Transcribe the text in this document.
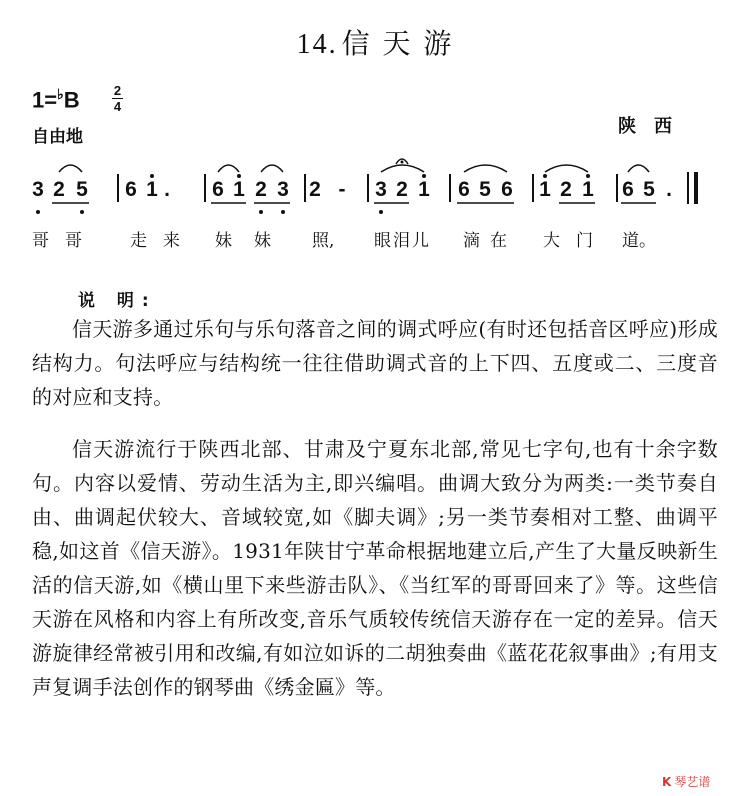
14. 信 天 游
1=♭B	2
4
自由地	陕西
3 2 5 6 1 . 6 1 2 3 2 - 3 2 1 6 5 6 1 2 1 6 5 .
哥哥 走来 妹妹 照, 眼泪儿 滴在 大门 道。
说 明:
信天游多通过乐句与乐句落音之间的调式呼应(有时还包括音区呼应)形成结构力。句法呼应与结构统一往往借助调式音的上下四、五度或二、三度音的对应和支持。
信天游流行于陕西北部、甘肃及宁夏东北部,常见七字句,也有十余字数句。内容以爱情、劳动生活为主,即兴编唱。曲调大致分为两类:一类节奏自由、曲调起伏较大、音域较宽,如《脚夫调》;另一类节奏相对工整、曲调平稳,如这首《信天游》。1931年陕甘宁革命根据地建立后,产生了大量反映新生活的信天游,如《横山里下来些游击队》、《当红军的哥哥回来了》等。这些信天游在风格和内容上有所改变,音乐气质较传统信天游存在一定的差异。信天游旋律经常被引用和改编,有如泣如诉的二胡独奏曲《蓝花花叙事曲》;有用支声复调手法创作的钢琴曲《绣金匾》等。
K 琴艺谱
